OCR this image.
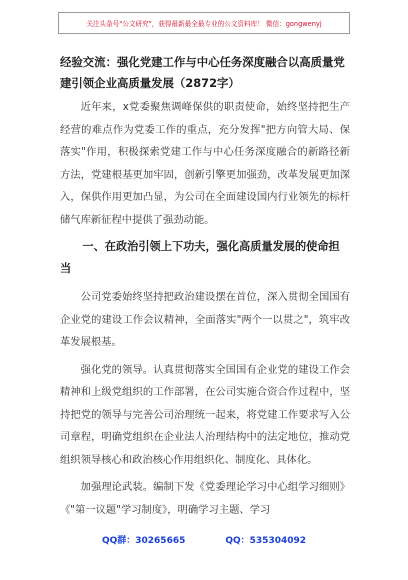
关注头条号"公文研究"，获得最新最全最专业的公文资料库！ 微信：gongwenyj
经验交流：强化党建工作与中心任务深度融合以高质量党建引领企业高质量发展（2872字）

近年来，x党委聚焦调峰保供的职责使命，始终坚持把生产经营的难点作为党委工作的重点，充分发挥"把方向管大局、保落实"作用，积极探索党建工作与中心任务深度融合的新路径新方法，党建根基更加牢固，创新引擎更加强劲，改革发展更加深入，保供作用更加凸显，为公司在全面建设国内行业领先的标杆储气库新征程中提供了强劲动能。

一、在政治引领上下功夫，强化高质量发展的使命担当

公司党委始终坚持把政治建设摆在首位，深入贯彻全国国有企业党的建设工作会议精神，全面落实"两个一以贯之"，筑牢改革发展根基。

强化党的领导。认真贯彻落实全国国有企业党的建设工作会精神和上级党组织的工作部署，在公司实施合资合作过程中，坚持把党的领导与完善公司治理统一起来，将党建工作要求写入公司章程，明确党组织在企业法人治理结构中的法定地位，推动党组织领导核心和政治核心作用组织化、制度化、具体化。

加强理论武装。编制下发《党委理论学习中心组学习细则》《"第一议题"学习制度》，明确学习主题、学习

QQ群：30265665	QQ：535304092
